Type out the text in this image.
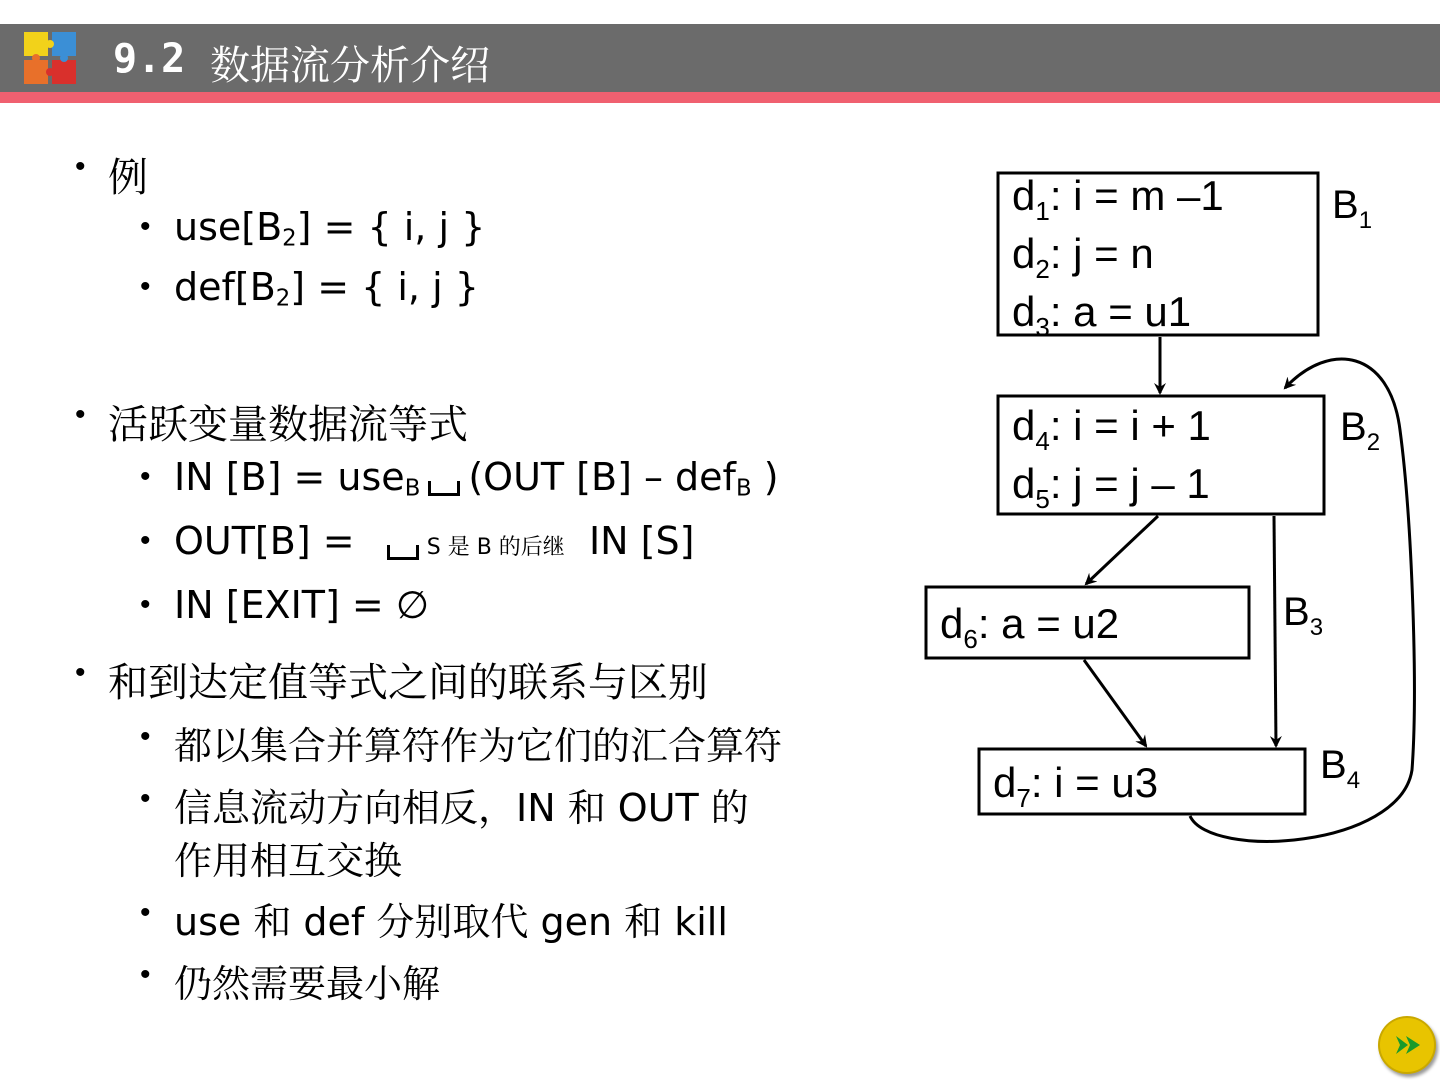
9.2 数据流分析介绍
• 例
• $use[B_2]$ = { i, j }
• $def[B_2]$ = { i, j }
• 活跃变量数据流等式
• IN [B] = use$_B$ (OUT [B] – def$_B$ )
• OUT[B] =	S 是 B 的后继 IN [S]
• IN [EXIT] = ∅
• 和到达定值等式之间的联系与区别
• 都以集合并算符作为它们的汇合算符
• 信息流动方向相反，IN 和 OUT 的
作用相互交换
• use 和 def 分别取代 gen 和 kill
• 仍然需要最小解
$d_1$: i = m –1
$d_2$: j = n
$d_3$: a = u1
$B_1$
$d_4$: i = i + 1
$d_5$: j = j – 1
$B_2$
$d_6$: a = u2	$B_3$
$d_7$: i = u3	$B_4$
